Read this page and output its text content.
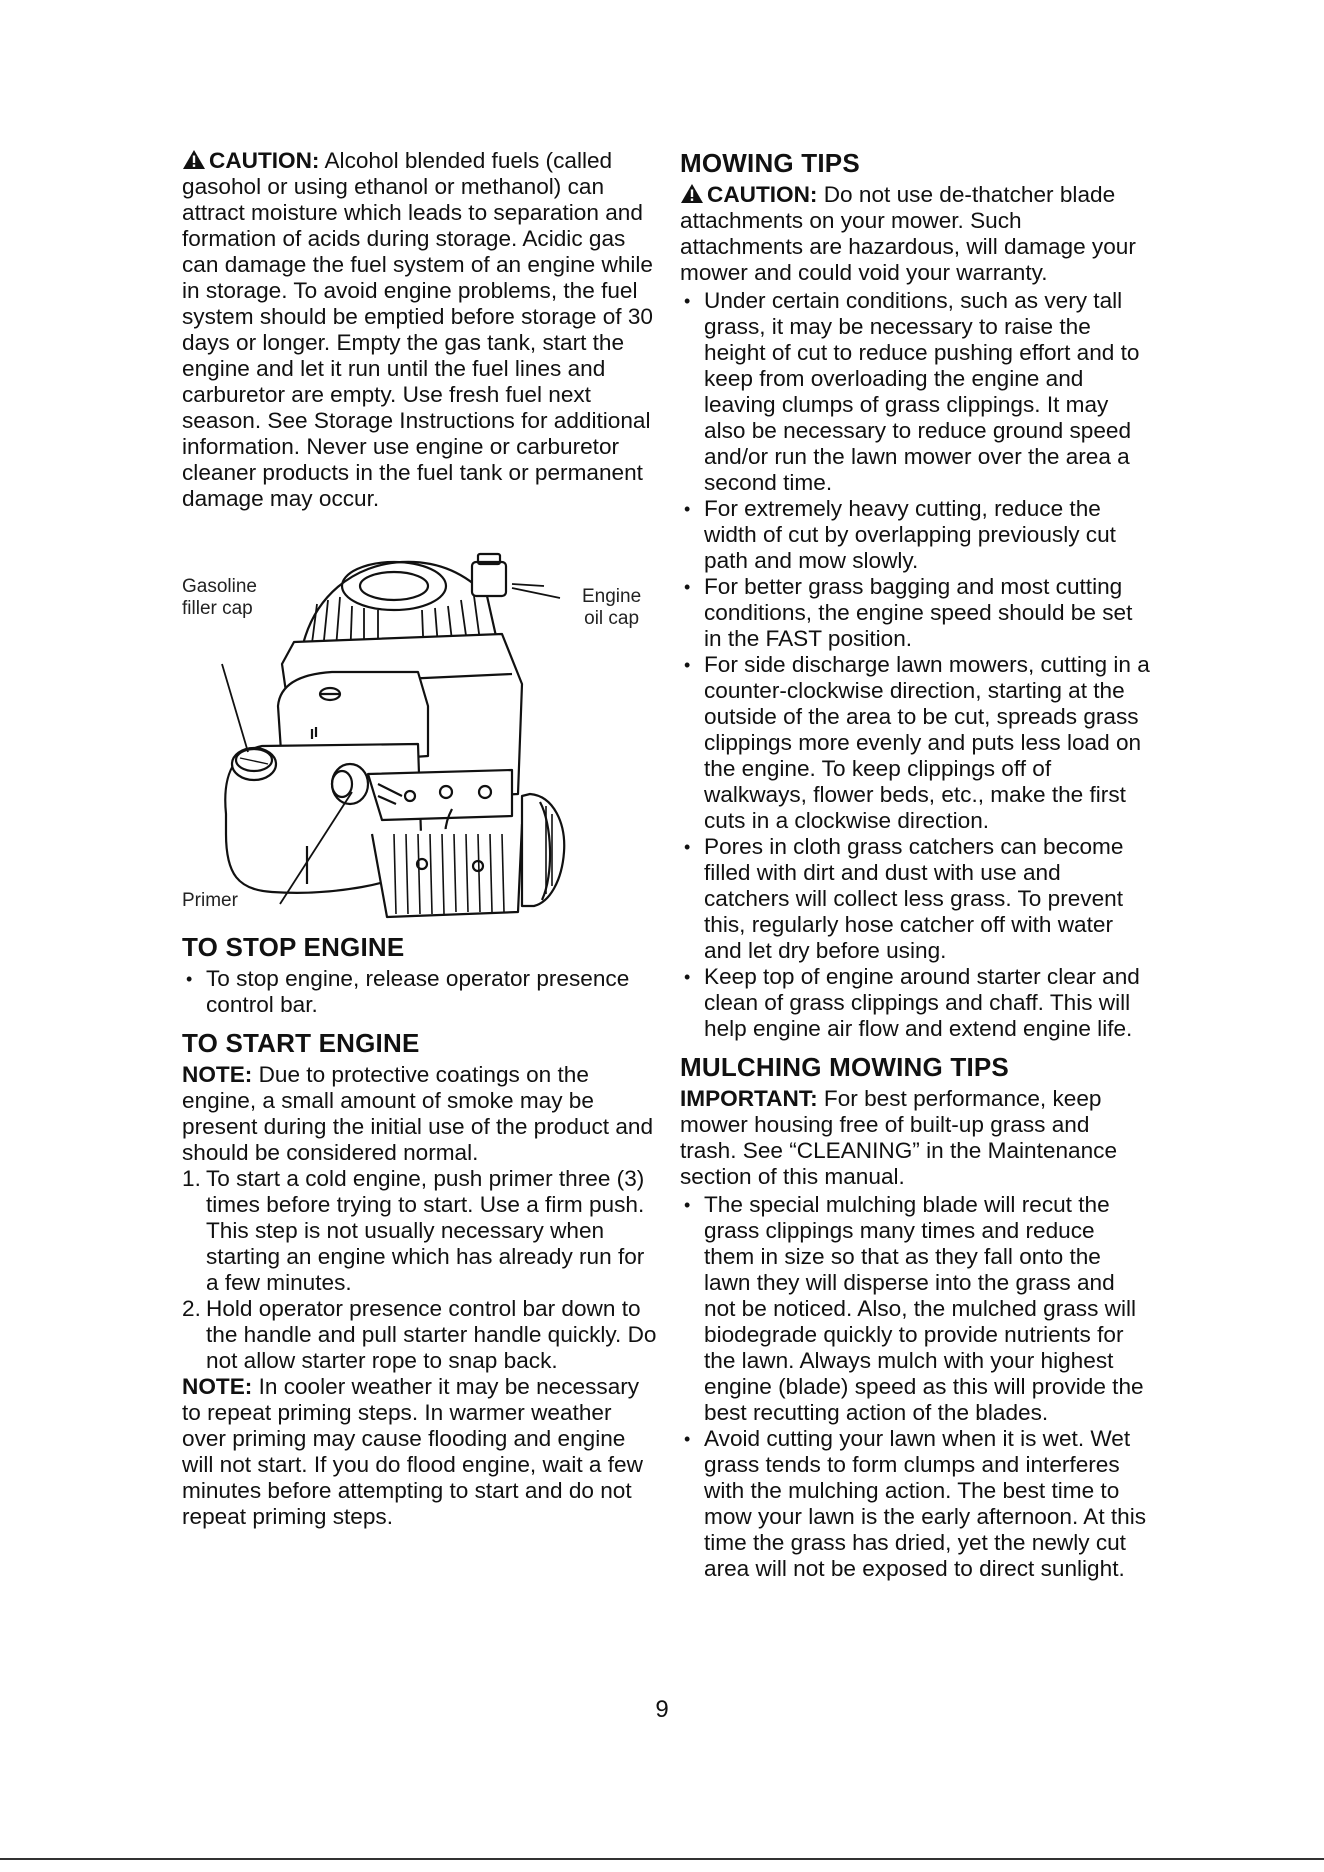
CAUTION: Alcohol blended fuels (called gasohol or using ethanol or methanol) can attract moisture which leads to separation and formation of acids during storage. Acidic gas can damage the fuel system of an engine while in storage. To avoid engine problems, the fuel system should be emptied before storage of 30 days or longer. Empty the gas tank, start the engine and let it run until the fuel lines and carburetor are empty. Use fresh fuel next season. See Storage Instructions for additional information. Never use engine or carburetor cleaner products in the fuel tank or permanent damage may occur.

Gasoline
filler cap
Engine
oil cap
Primer
TO STOP ENGINE
• To stop engine, release operator presence control bar.
TO START ENGINE

NOTE: Due to protective coatings on the engine, a small amount of smoke may be present during the initial use of the product and should be considered normal.

1. To start a cold engine, push primer three (3) times before trying to start. Use a firm push. This step is not usually necessary when starting an engine which has already run for a few minutes.
2. Hold operator presence control bar down to the handle and pull starter handle quickly. Do not allow starter rope to snap back.

NOTE: In cooler weather it may be necessary to repeat priming steps. In warmer weather over priming may cause flooding and engine will not start. If you do flood engine, wait a few minutes before attempting to start and do not repeat priming steps.

MOWING TIPS

CAUTION: Do not use de-thatcher blade attachments on your mower. Such attachments are hazardous, will damage your mower and could void your warranty.

• Under certain conditions, such as very tall grass, it may be necessary to raise the height of cut to reduce pushing effort and to keep from overloading the engine and leaving clumps of grass clippings. It may also be necessary to reduce ground speed and/or run the lawn mower over the area a second time.
• For extremely heavy cutting, reduce the width of cut by overlapping previously cut path and mow slowly.
• For better grass bagging and most cutting conditions, the engine speed should be set in the FAST position.
• For side discharge lawn mowers, cutting in a counter-clockwise direction, starting at the outside of the area to be cut, spreads grass clippings more evenly and puts less load on the engine. To keep clippings off of walkways, flower beds, etc., make the first cuts in a clockwise direction.
• Pores in cloth grass catchers can become filled with dirt and dust with use and catchers will collect less grass. To prevent this, regularly hose catcher off with water and let dry before using.
• Keep top of engine around starter clear and clean of grass clippings and chaff. This will help engine air flow and extend engine life.
MULCHING MOWING TIPS

IMPORTANT: For best performance, keep mower housing free of built-up grass and trash. See “CLEANING” in the Maintenance section of this manual.

• The special mulching blade will recut the grass clippings many times and reduce them in size so that as they fall onto the lawn they will disperse into the grass and not be noticed. Also, the mulched grass will biodegrade quickly to provide nutrients for the lawn. Always mulch with your highest engine (blade) speed as this will provide the best recutting action of the blades.
• Avoid cutting your lawn when it is wet. Wet grass tends to form clumps and interferes with the mulching action. The best time to mow your lawn is the early afternoon. At this time the grass has dried, yet the newly cut area will not be exposed to direct sunlight.
9
